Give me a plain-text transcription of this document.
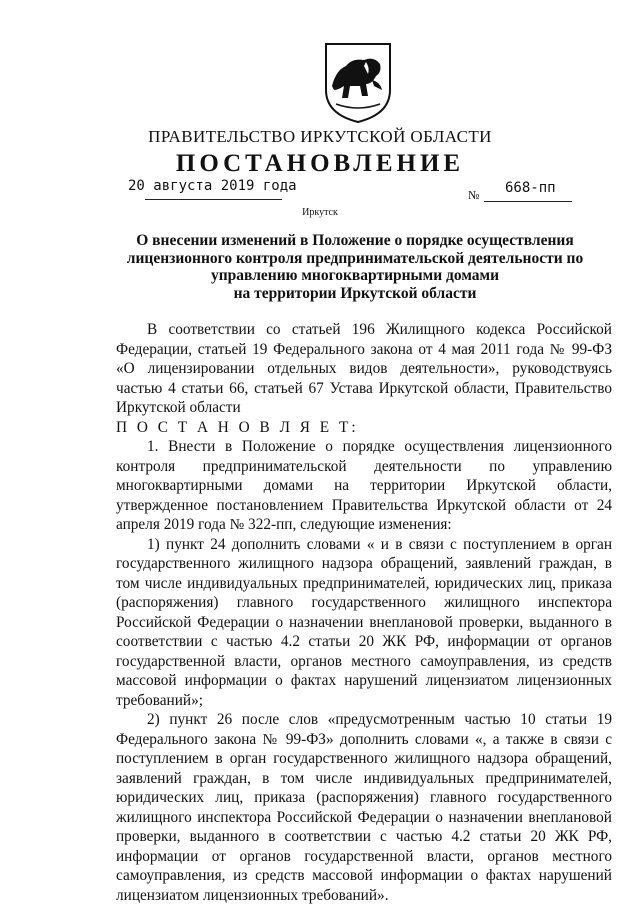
ПРАВИТЕЛЬСТВО ИРКУТСКОЙ ОБЛАСТИ
ПОСТАНОВЛЕНИЕ
20 августа 2019 года
№ 668-пп
Иркутск
О внесении изменений в Положение о порядке осуществления
лицензионного контроля предпринимательской деятельности по
управлению многоквартирными домами
на территории Иркутской области

В соответствии со статьей 196 Жилищного кодекса Российской Федерации, статьей 19 Федерального закона от 4 мая 2011 года № 99-ФЗ «О лицензировании отдельных видов деятельности», руководствуясь частью 4 статьи 66, статьей 67 Устава Иркутской области, Правительство Иркутской области

П О С Т А Н О В Л Я Е Т:

1. Внести в Положение о порядке осуществления лицензионного контроля предпринимательской деятельности по управлению многоквартирными домами на территории Иркутской области, утвержденное постановлением Правительства Иркутской области от 24 апреля 2019 года № 322-пп, следующие изменения:

1) пункт 24 дополнить словами « и в связи с поступлением в орган государственного жилищного надзора обращений, заявлений граждан, в том числе индивидуальных предпринимателей, юридических лиц, приказа (распоряжения) главного государственного жилищного инспектора Российской Федерации о назначении внеплановой проверки, выданного в соответствии с частью 4.2 статьи 20 ЖК РФ, информации от органов государственной власти, органов местного самоуправления, из средств массовой информации о фактах нарушений лицензиатом лицензионных требований»;

2) пункт 26 после слов «предусмотренным частью 10 статьи 19 Федерального закона № 99-ФЗ» дополнить словами «, а также в связи с поступлением в орган государственного жилищного надзора обращений, заявлений граждан, в том числе индивидуальных предпринимателей, юридических лиц, приказа (распоряжения) главного государственного жилищного инспектора Российской Федерации о назначении внеплановой проверки, выданного в соответствии с частью 4.2 статьи 20 ЖК РФ, информации от органов государственной власти, органов местного самоуправления, из средств массовой информации о фактах нарушений лицензиатом лицензионных требований».
